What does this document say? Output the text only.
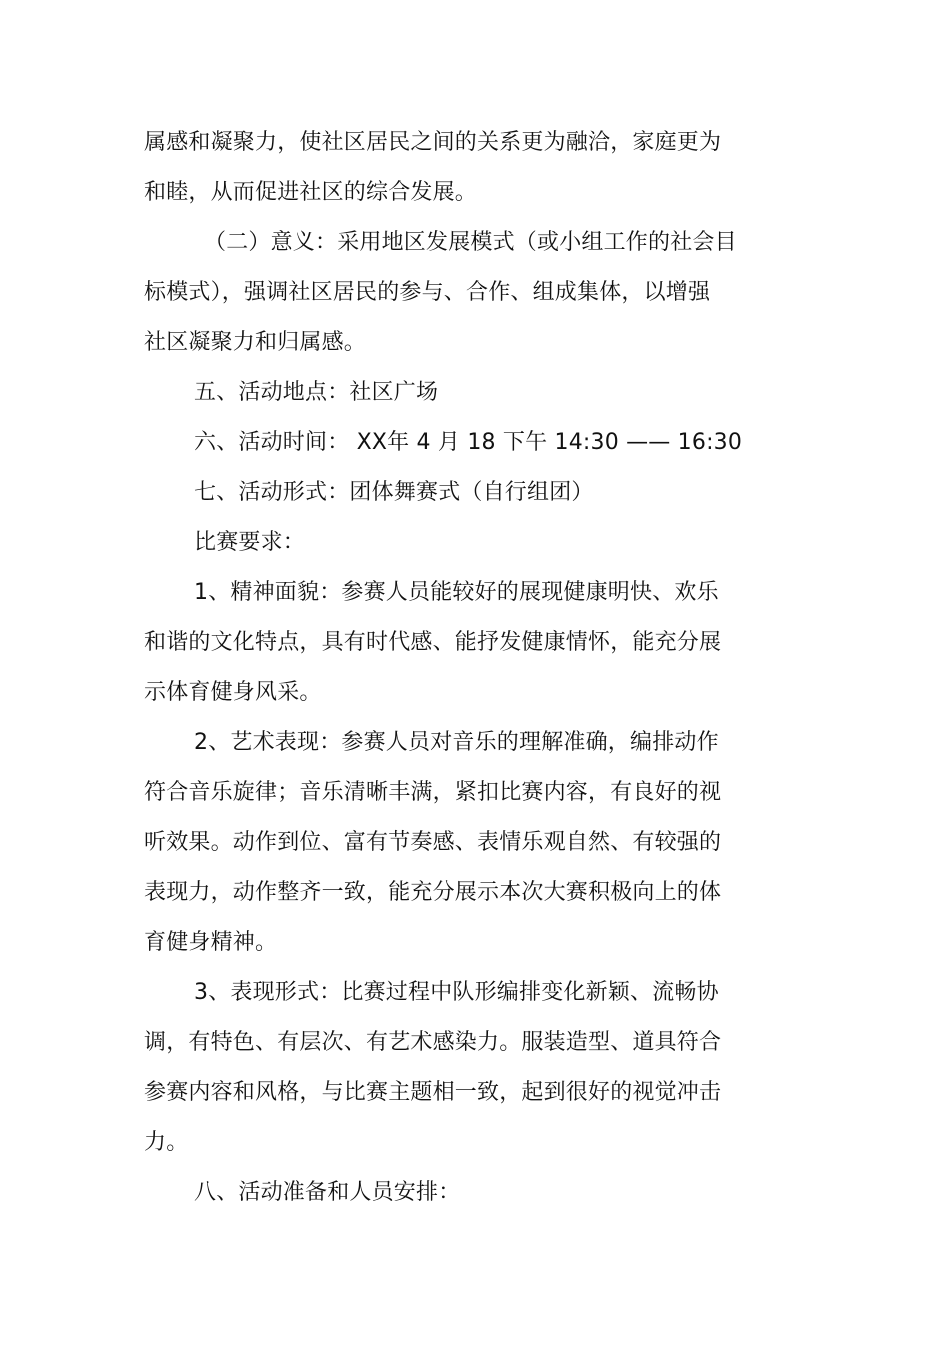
属感和凝聚力，使社区居民之间的关系更为融洽，家庭更为
和睦，从而促进社区的综合发展。
（二）意义：采用地区发展模式（或小组工作的社会目
标模式），强调社区居民的参与、合作、组成集体，以增强
社区凝聚力和归属感。
五、活动地点：社区广场
六、活动时间： XX年 4 月 18 下午 14:30 —— 16:30
七、活动形式：团体舞赛式（自行组团）
比赛要求：
1、精神面貌：参赛人员能较好的展现健康明快、欢乐
和谐的文化特点，具有时代感、能抒发健康情怀，能充分展
示体育健身风采。
2、艺术表现：参赛人员对音乐的理解准确，编排动作
符合音乐旋律；音乐清晰丰满，紧扣比赛内容，有良好的视
听效果。动作到位、富有节奏感、表情乐观自然、有较强的
表现力，动作整齐一致，能充分展示本次大赛积极向上的体
育健身精神。
3、表现形式：比赛过程中队形编排变化新颖、流畅协
调，有特色、有层次、有艺术感染力。服装造型、道具符合
参赛内容和风格，与比赛主题相一致，起到很好的视觉冲击
力。
八、活动准备和人员安排：
